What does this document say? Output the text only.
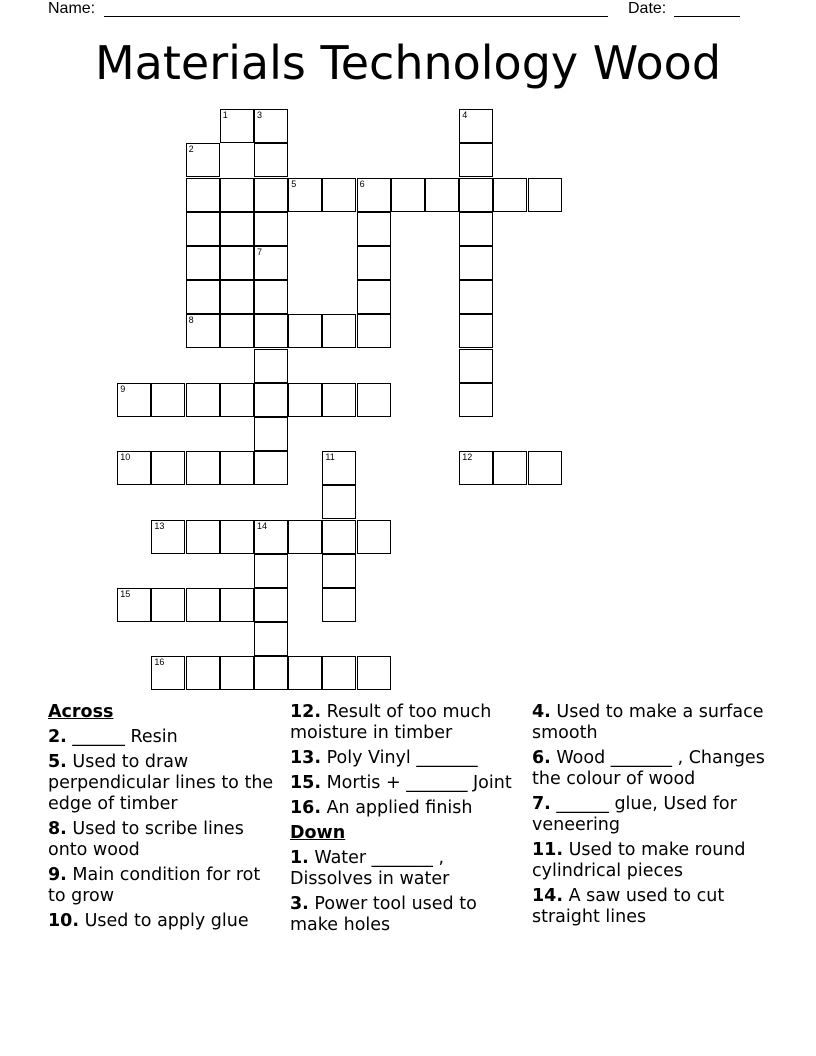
Name:	Date:
Materials Technology Wood
1
2
3
7
4
5	6
8
9
10	11	12
13	14
15
16
Across
2. ______ Resin
5. Used to draw perpendicular lines to the edge of timber
8. Used to scribe lines onto wood
9. Main condition for rot to grow
10. Used to apply glue
12. Result of too much moisture in timber
13. Poly Vinyl _______
15. Mortis + _______ Joint
16. An applied finish
Down
1. Water _______ , Dissolves in water
3. Power tool used to make holes
4. Used to make a surface smooth
6. Wood _______ , Changes the colour of wood
7. ______ glue, Used for veneering
11. Used to make round cylindrical pieces
14. A saw used to cut straight lines
